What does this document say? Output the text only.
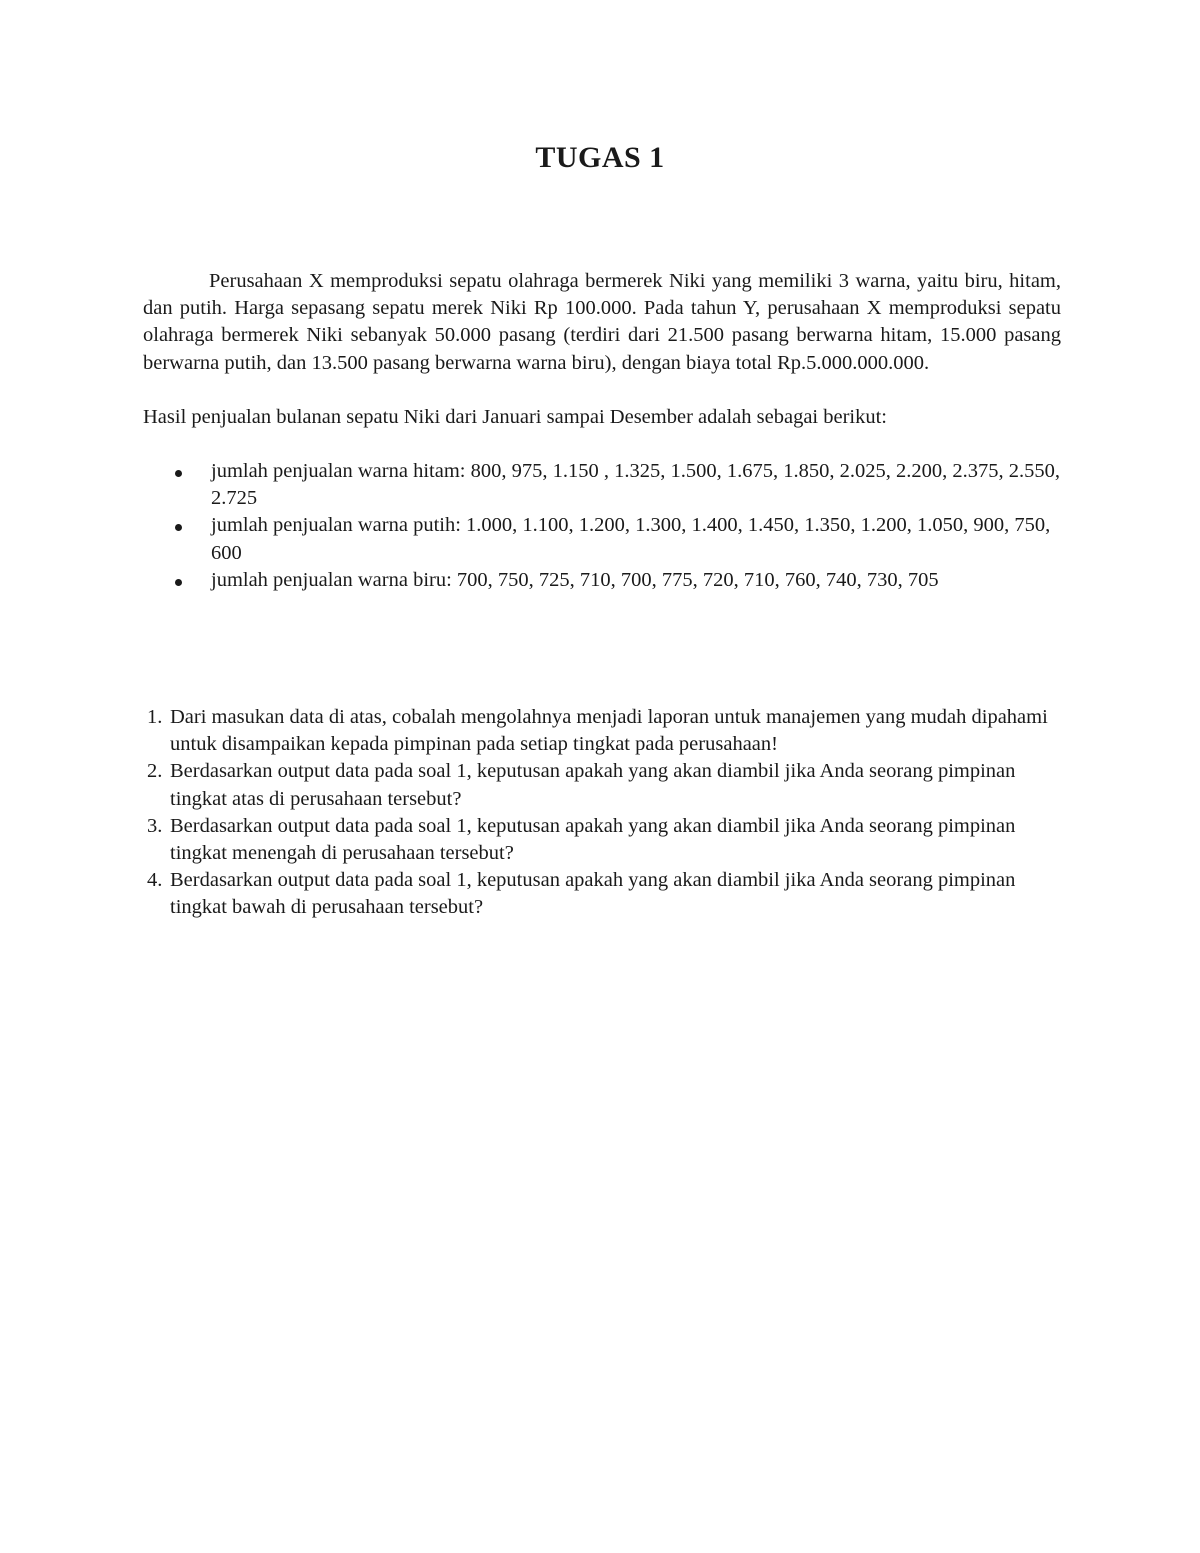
TUGAS 1

Perusahaan X memproduksi sepatu olahraga bermerek Niki yang memiliki 3 warna, yaitu biru, hitam, dan putih. Harga sepasang sepatu merek Niki Rp 100.000. Pada tahun Y, perusahaan X memproduksi sepatu olahraga bermerek Niki sebanyak 50.000 pasang (terdiri dari 21.500 pasang berwarna hitam, 15.000 pasang berwarna putih, dan 13.500 pasang berwarna warna biru), dengan biaya total Rp.5.000.000.000.

Hasil penjualan bulanan sepatu Niki dari Januari sampai Desember adalah sebagai berikut:

jumlah penjualan warna hitam: 800, 975, 1.150 , 1.325, 1.500, 1.675, 1.850, 2.025, 2.200, 2.375, 2.550, 2.725
jumlah penjualan warna putih: 1.000, 1.100, 1.200, 1.300, 1.400, 1.450, 1.350, 1.200, 1.050, 900, 750, 600
jumlah penjualan warna biru: 700, 750, 725, 710, 700, 775, 720, 710, 760, 740, 730, 705
1. Dari masukan data di atas, cobalah mengolahnya menjadi laporan untuk manajemen yang mudah dipahami untuk disampaikan kepada pimpinan pada setiap tingkat pada perusahaan!
2. Berdasarkan output data pada soal 1, keputusan apakah yang akan diambil jika Anda seorang pimpinan tingkat atas di perusahaan tersebut?
3. Berdasarkan output data pada soal 1, keputusan apakah yang akan diambil jika Anda seorang pimpinan tingkat menengah di perusahaan tersebut?
4. Berdasarkan output data pada soal 1, keputusan apakah yang akan diambil jika Anda seorang pimpinan tingkat bawah di perusahaan tersebut?
